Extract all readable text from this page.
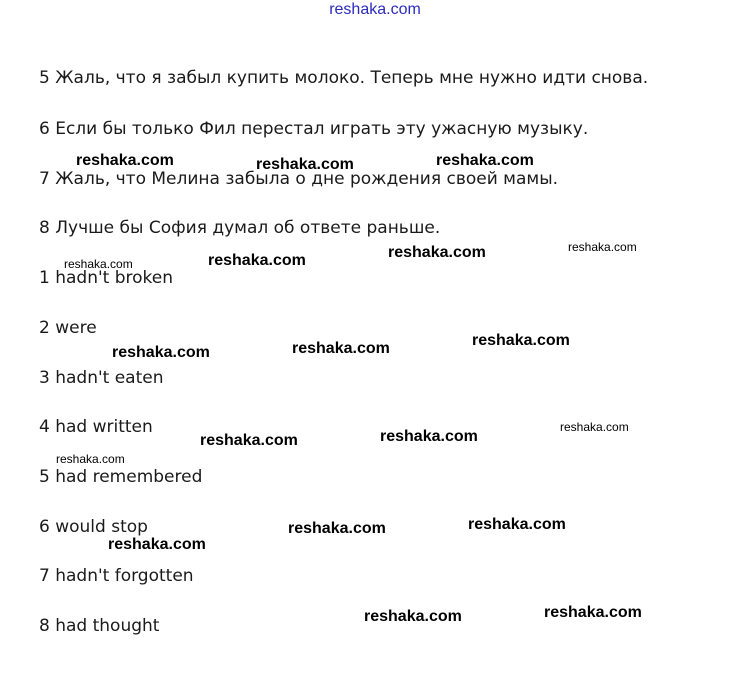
reshaka.com
5 Жаль, что я забыл купить молоко. Теперь мне нужно идти снова.
6 Если бы только Фил перестал играть эту ужасную музыку.
7 Жаль, что Мелина забыла о дне рождения своей мамы.
8 Лучше бы София думал об ответе раньше.
1 hadn't broken
2 were
3 hadn't eaten
4 had written
5 had remembered
6 would stop
7 hadn't forgotten
8 had thought
reshaka.com	reshaka.com	reshaka.com
reshaka.com	reshaka.com	reshaka.com	reshaka.com
reshaka.com	reshaka.com	reshaka.com
reshaka.com	reshaka.com
reshaka.com
reshaka.com
reshaka.com	reshaka.com
reshaka.com
reshaka.com	reshaka.com
